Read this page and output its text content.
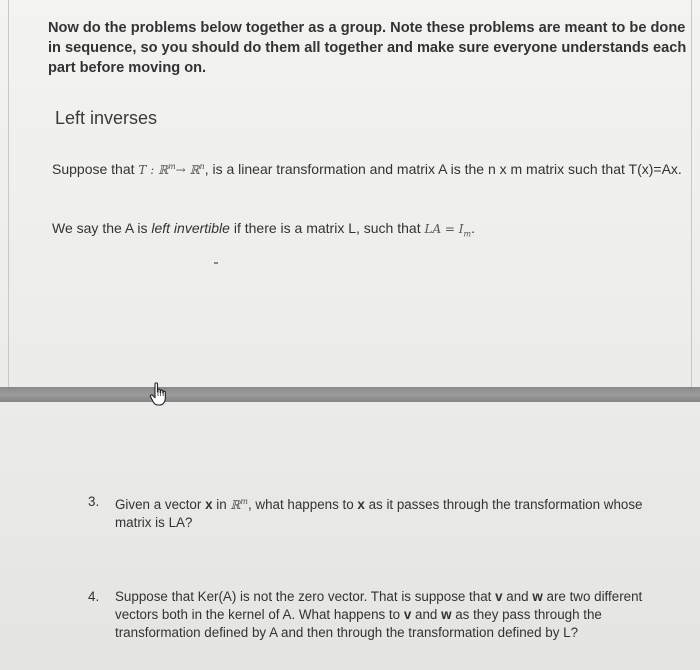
Now do the problems below together as a group. Note these problems are meant to be done in sequence, so you should do them all together and make sure everyone understands each part before moving on.
Left inverses
Suppose that T : ℝ$^m$→ ℝ$^n$, is a linear transformation and matrix A is the n x m matrix such that T(x)=Ax.
We say the A is left invertible if there is a matrix L, such that LA = $I_m$.
3. Given a vector x in ℝ$^m$, what happens to x as it passes through the transformation whose matrix is LA?
4. Suppose that Ker(A) is not the zero vector. That is suppose that v and w are two different vectors both in the kernel of A. What happens to v and w as they pass through the transformation defined by A and then through the transformation defined by L?
